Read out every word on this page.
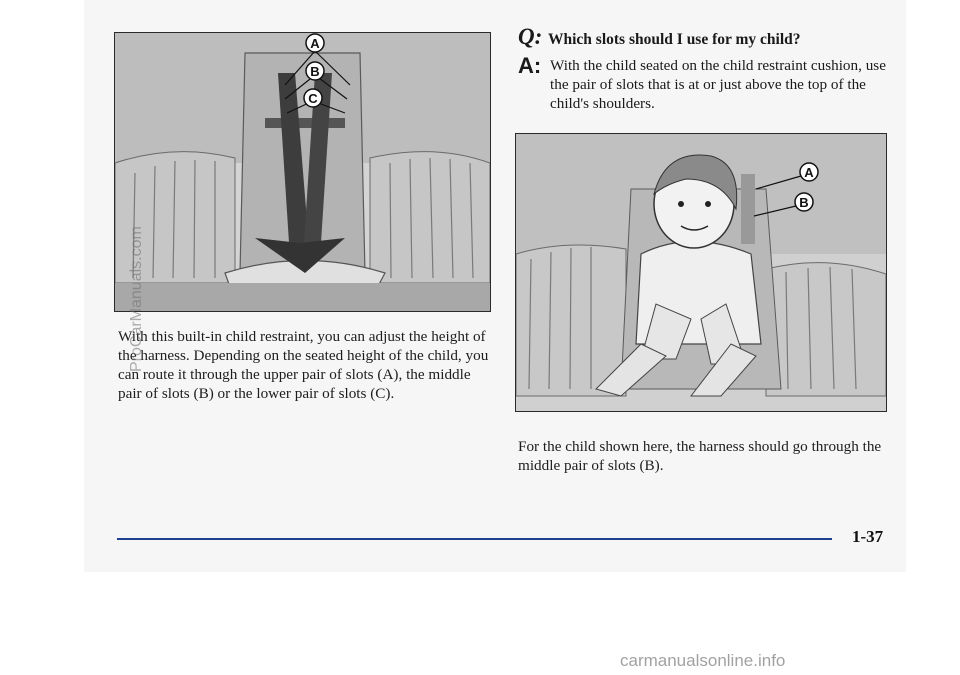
A
B
C
With this built-in child restraint, you can adjust the height of the harness. Depending on the seated height of the child, you can route it through the upper pair of slots (A), the middle pair of slots (B) or the lower pair of slots (C).
Q: Which slots should I use for my child?
A: With the child seated on the child restraint cushion, use the pair of slots that is at or just above the top of the child's shoulders.
A
B
For the child shown here, the harness should go through the middle pair of slots (B).
1-37
ProCarManuals.com
carmanualsonline.info
